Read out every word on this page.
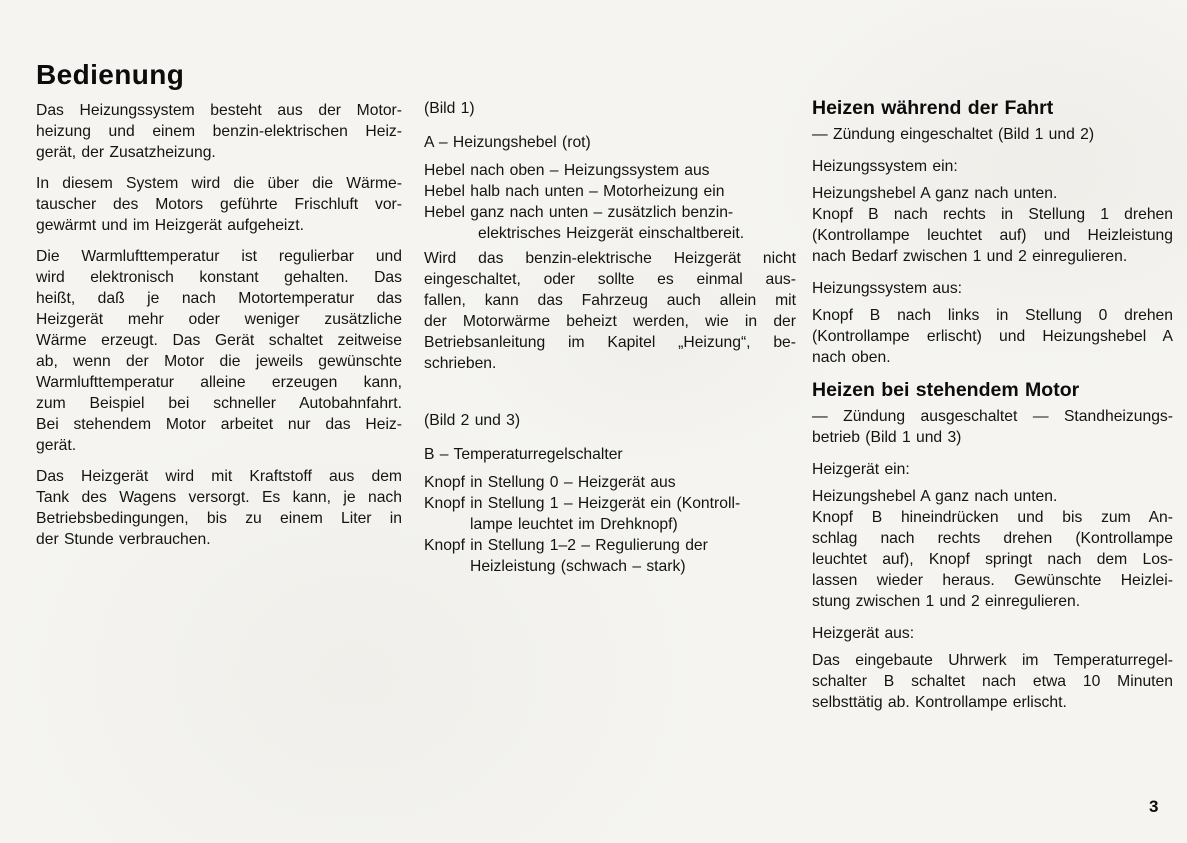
Bedienung
Das Heizungssystem besteht aus der Motor-
heizung und einem benzin-elektrischen Heiz-
gerät, der Zusatzheizung.
In diesem System wird die über die Wärme-
tauscher des Motors geführte Frischluft vor-
gewärmt und im Heizgerät aufgeheizt.
Die Warmlufttemperatur ist regulierbar und
wird elektronisch konstant gehalten. Das
heißt, daß je nach Motortemperatur das
Heizgerät mehr oder weniger zusätzliche
Wärme erzeugt. Das Gerät schaltet zeitweise
ab, wenn der Motor die jeweils gewünschte
Warmlufttemperatur alleine erzeugen kann,
zum Beispiel bei schneller Autobahnfahrt.
Bei stehendem Motor arbeitet nur das Heiz-
gerät.
Das Heizgerät wird mit Kraftstoff aus dem
Tank des Wagens versorgt. Es kann, je nach
Betriebsbedingungen, bis zu einem Liter in
der Stunde verbrauchen.
(Bild 1)
A – Heizungshebel (rot)
Hebel nach oben – Heizungssystem aus
Hebel halb nach unten – Motorheizung ein
Hebel ganz nach unten – zusätzlich benzin-
elektrisches Heizgerät einschaltbereit.
Wird das benzin-elektrische Heizgerät nicht
eingeschaltet, oder sollte es einmal aus-
fallen, kann das Fahrzeug auch allein mit
der Motorwärme beheizt werden, wie in der
Betriebsanleitung im Kapitel „Heizung“, be-
schrieben.
(Bild 2 und 3)
B – Temperaturregelschalter
Knopf in Stellung 0 – Heizgerät aus
Knopf in Stellung 1 – Heizgerät ein (Kontroll-
lampe leuchtet im Drehknopf)
Knopf in Stellung 1–2 – Regulierung der
Heizleistung (schwach – stark)
Heizen während der Fahrt
— Zündung eingeschaltet (Bild 1 und 2)
Heizungssystem ein:
Heizungshebel A ganz nach unten.
Knopf B nach rechts in Stellung 1 drehen
(Kontrollampe leuchtet auf) und Heizleistung
nach Bedarf zwischen 1 und 2 einregulieren.
Heizungssystem aus:
Knopf B nach links in Stellung 0 drehen
(Kontrollampe erlischt) und Heizungshebel A
nach oben.
Heizen bei stehendem Motor
— Zündung ausgeschaltet — Standheizungs-
betrieb (Bild 1 und 3)
Heizgerät ein:
Heizungshebel A ganz nach unten.
Knopf B hineindrücken und bis zum An-
schlag nach rechts drehen (Kontrollampe
leuchtet auf), Knopf springt nach dem Los-
lassen wieder heraus. Gewünschte Heizlei-
stung zwischen 1 und 2 einregulieren.
Heizgerät aus:
Das eingebaute Uhrwerk im Temperaturregel-
schalter B schaltet nach etwa 10 Minuten
selbsttätig ab. Kontrollampe erlischt.
3
